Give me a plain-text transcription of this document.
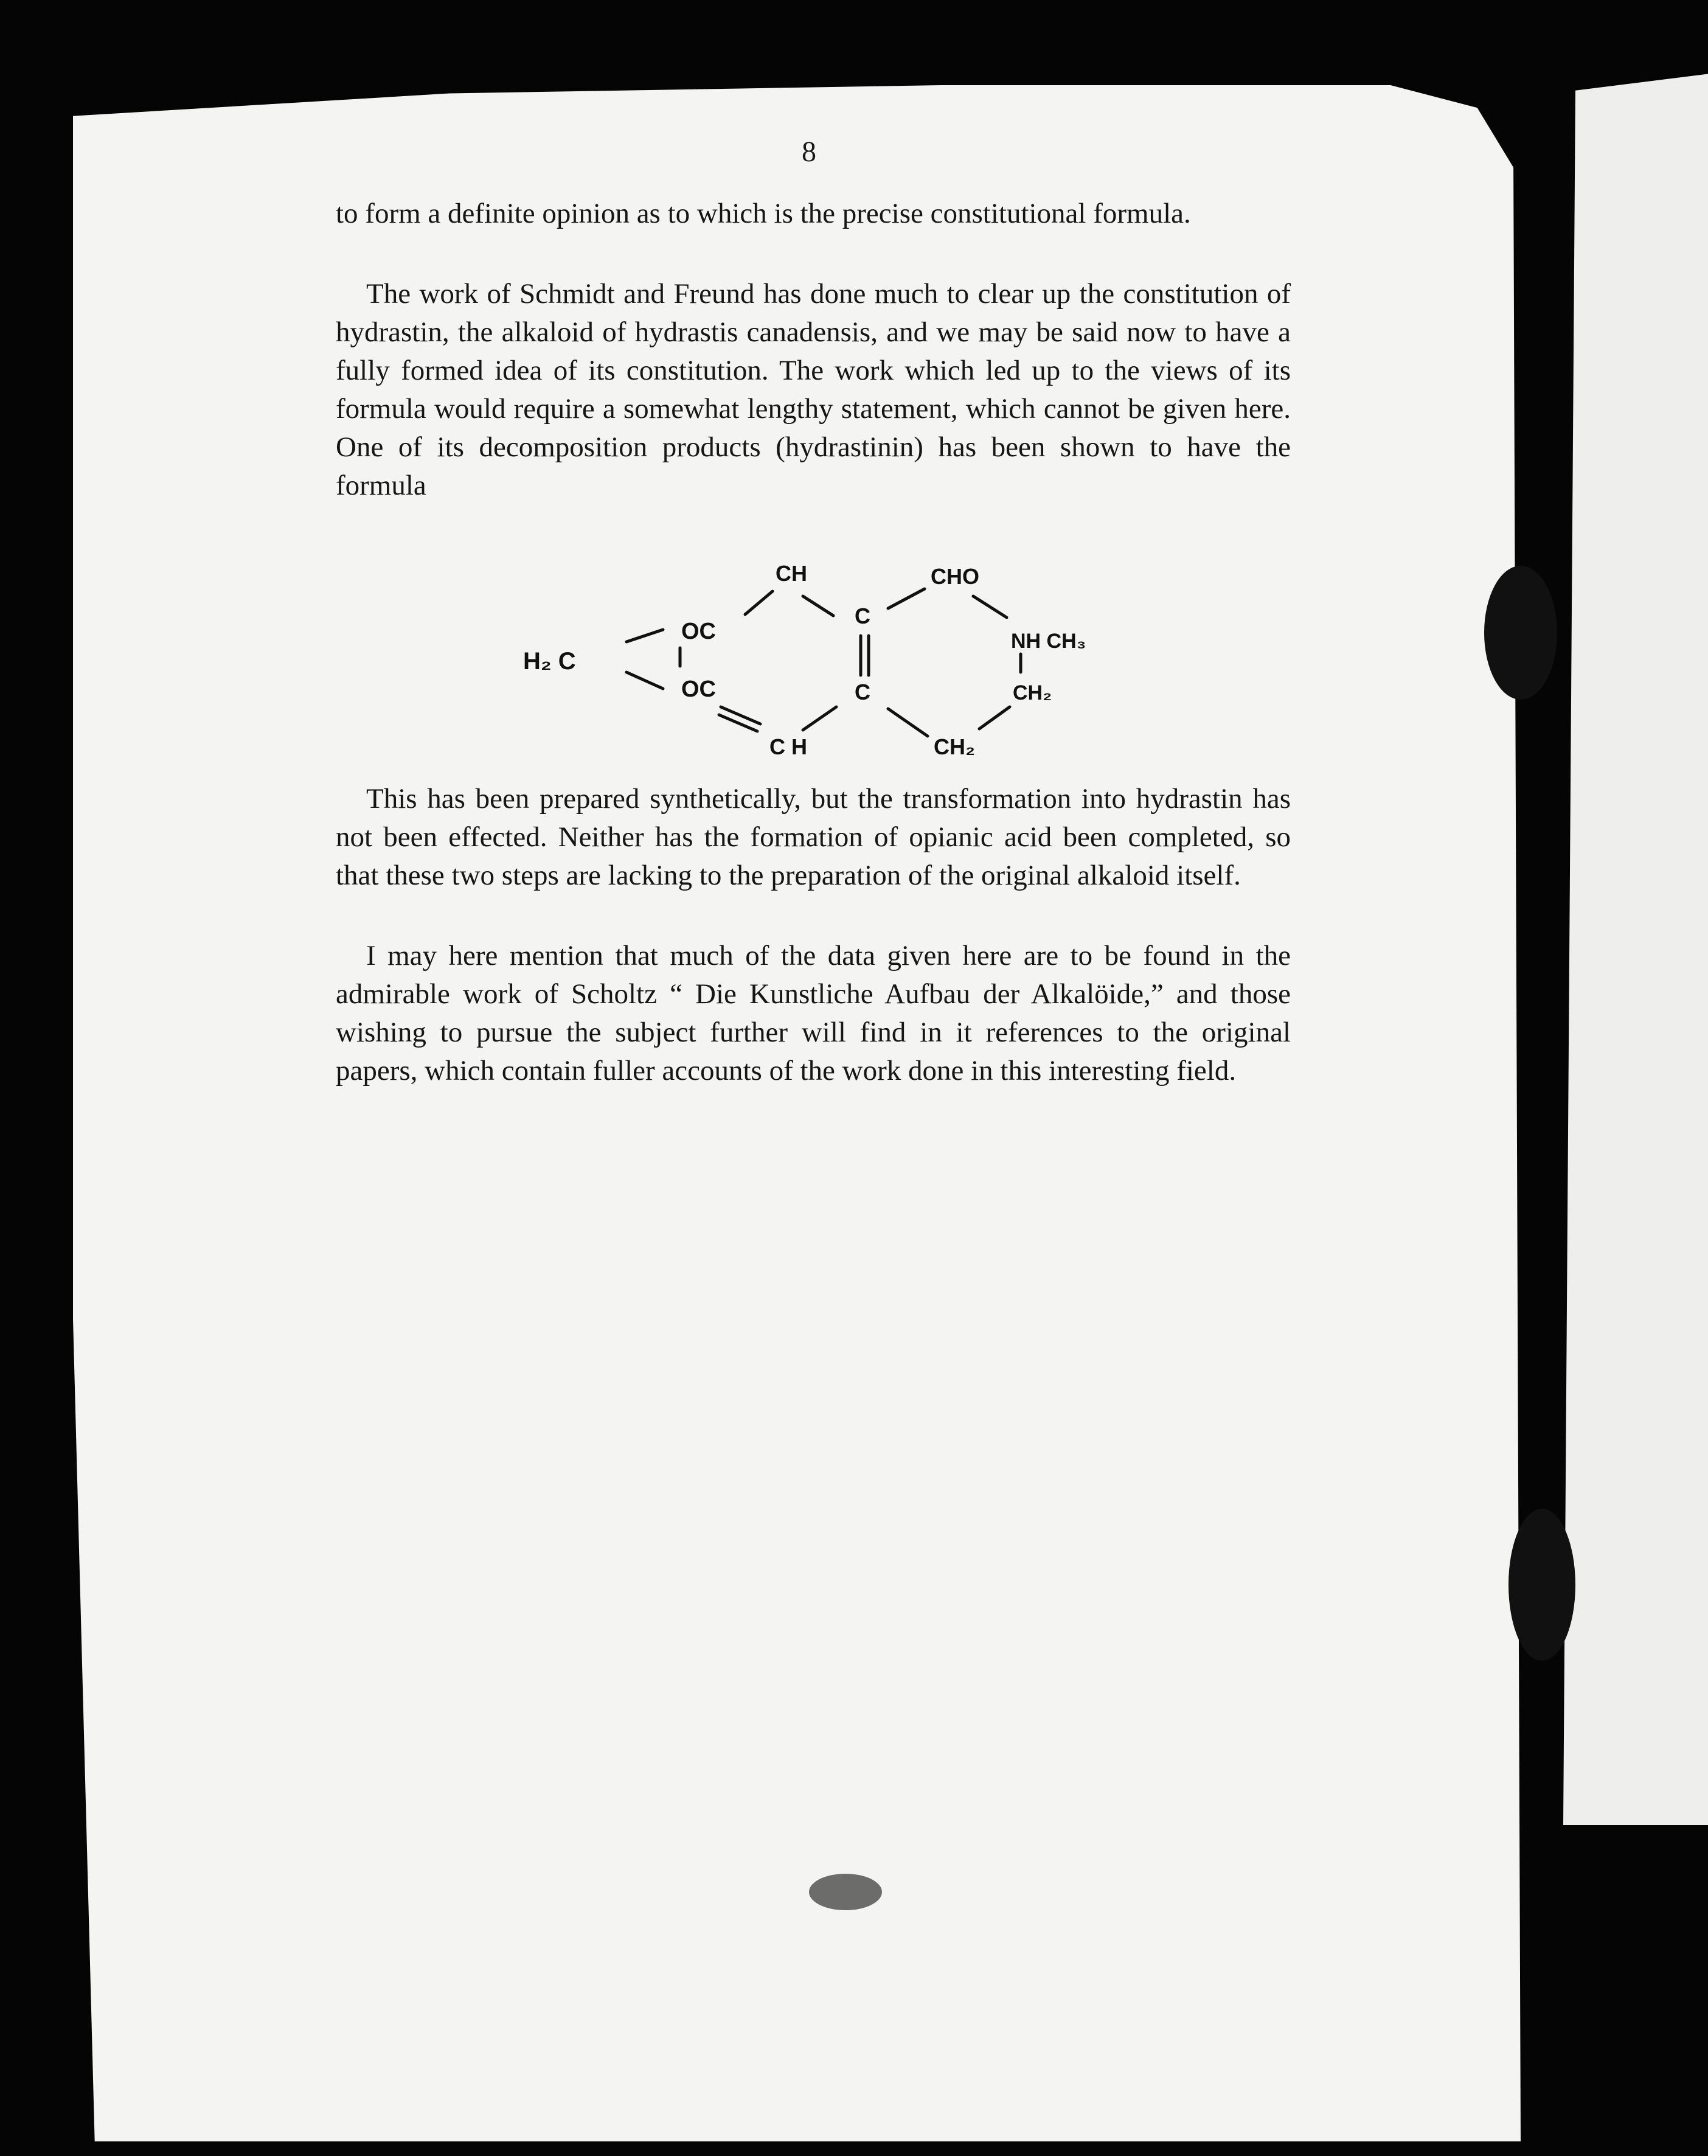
8

to form a definite opinion as to which is the precise constitutional formula.

The work of Schmidt and Freund has done much to clear up the constitution of hydrastin, the alkaloid of hydrastis canadensis, and we may be said now to have a fully formed idea of its constitution. The work which led up to the views of its formula would require a somewhat lengthy statement, which cannot be given here. One of its decomposition products (hydrastinin) has been shown to have the formula

H₂ C
OC
OC
CH
C
C
C H
CHO
NH CH₃
CH₂
CH₂

This has been prepared synthetically, but the transformation into hydrastin has not been effected. Neither has the formation of opianic acid been completed, so that these two steps are lacking to the preparation of the original alkaloid itself.

I may here mention that much of the data given here are to be found in the admirable work of Scholtz “ Die Kunstliche Aufbau der Alkalöide,” and those wishing to pursue the subject further will find in it references to the original papers, which contain fuller accounts of the work done in this interesting field.
